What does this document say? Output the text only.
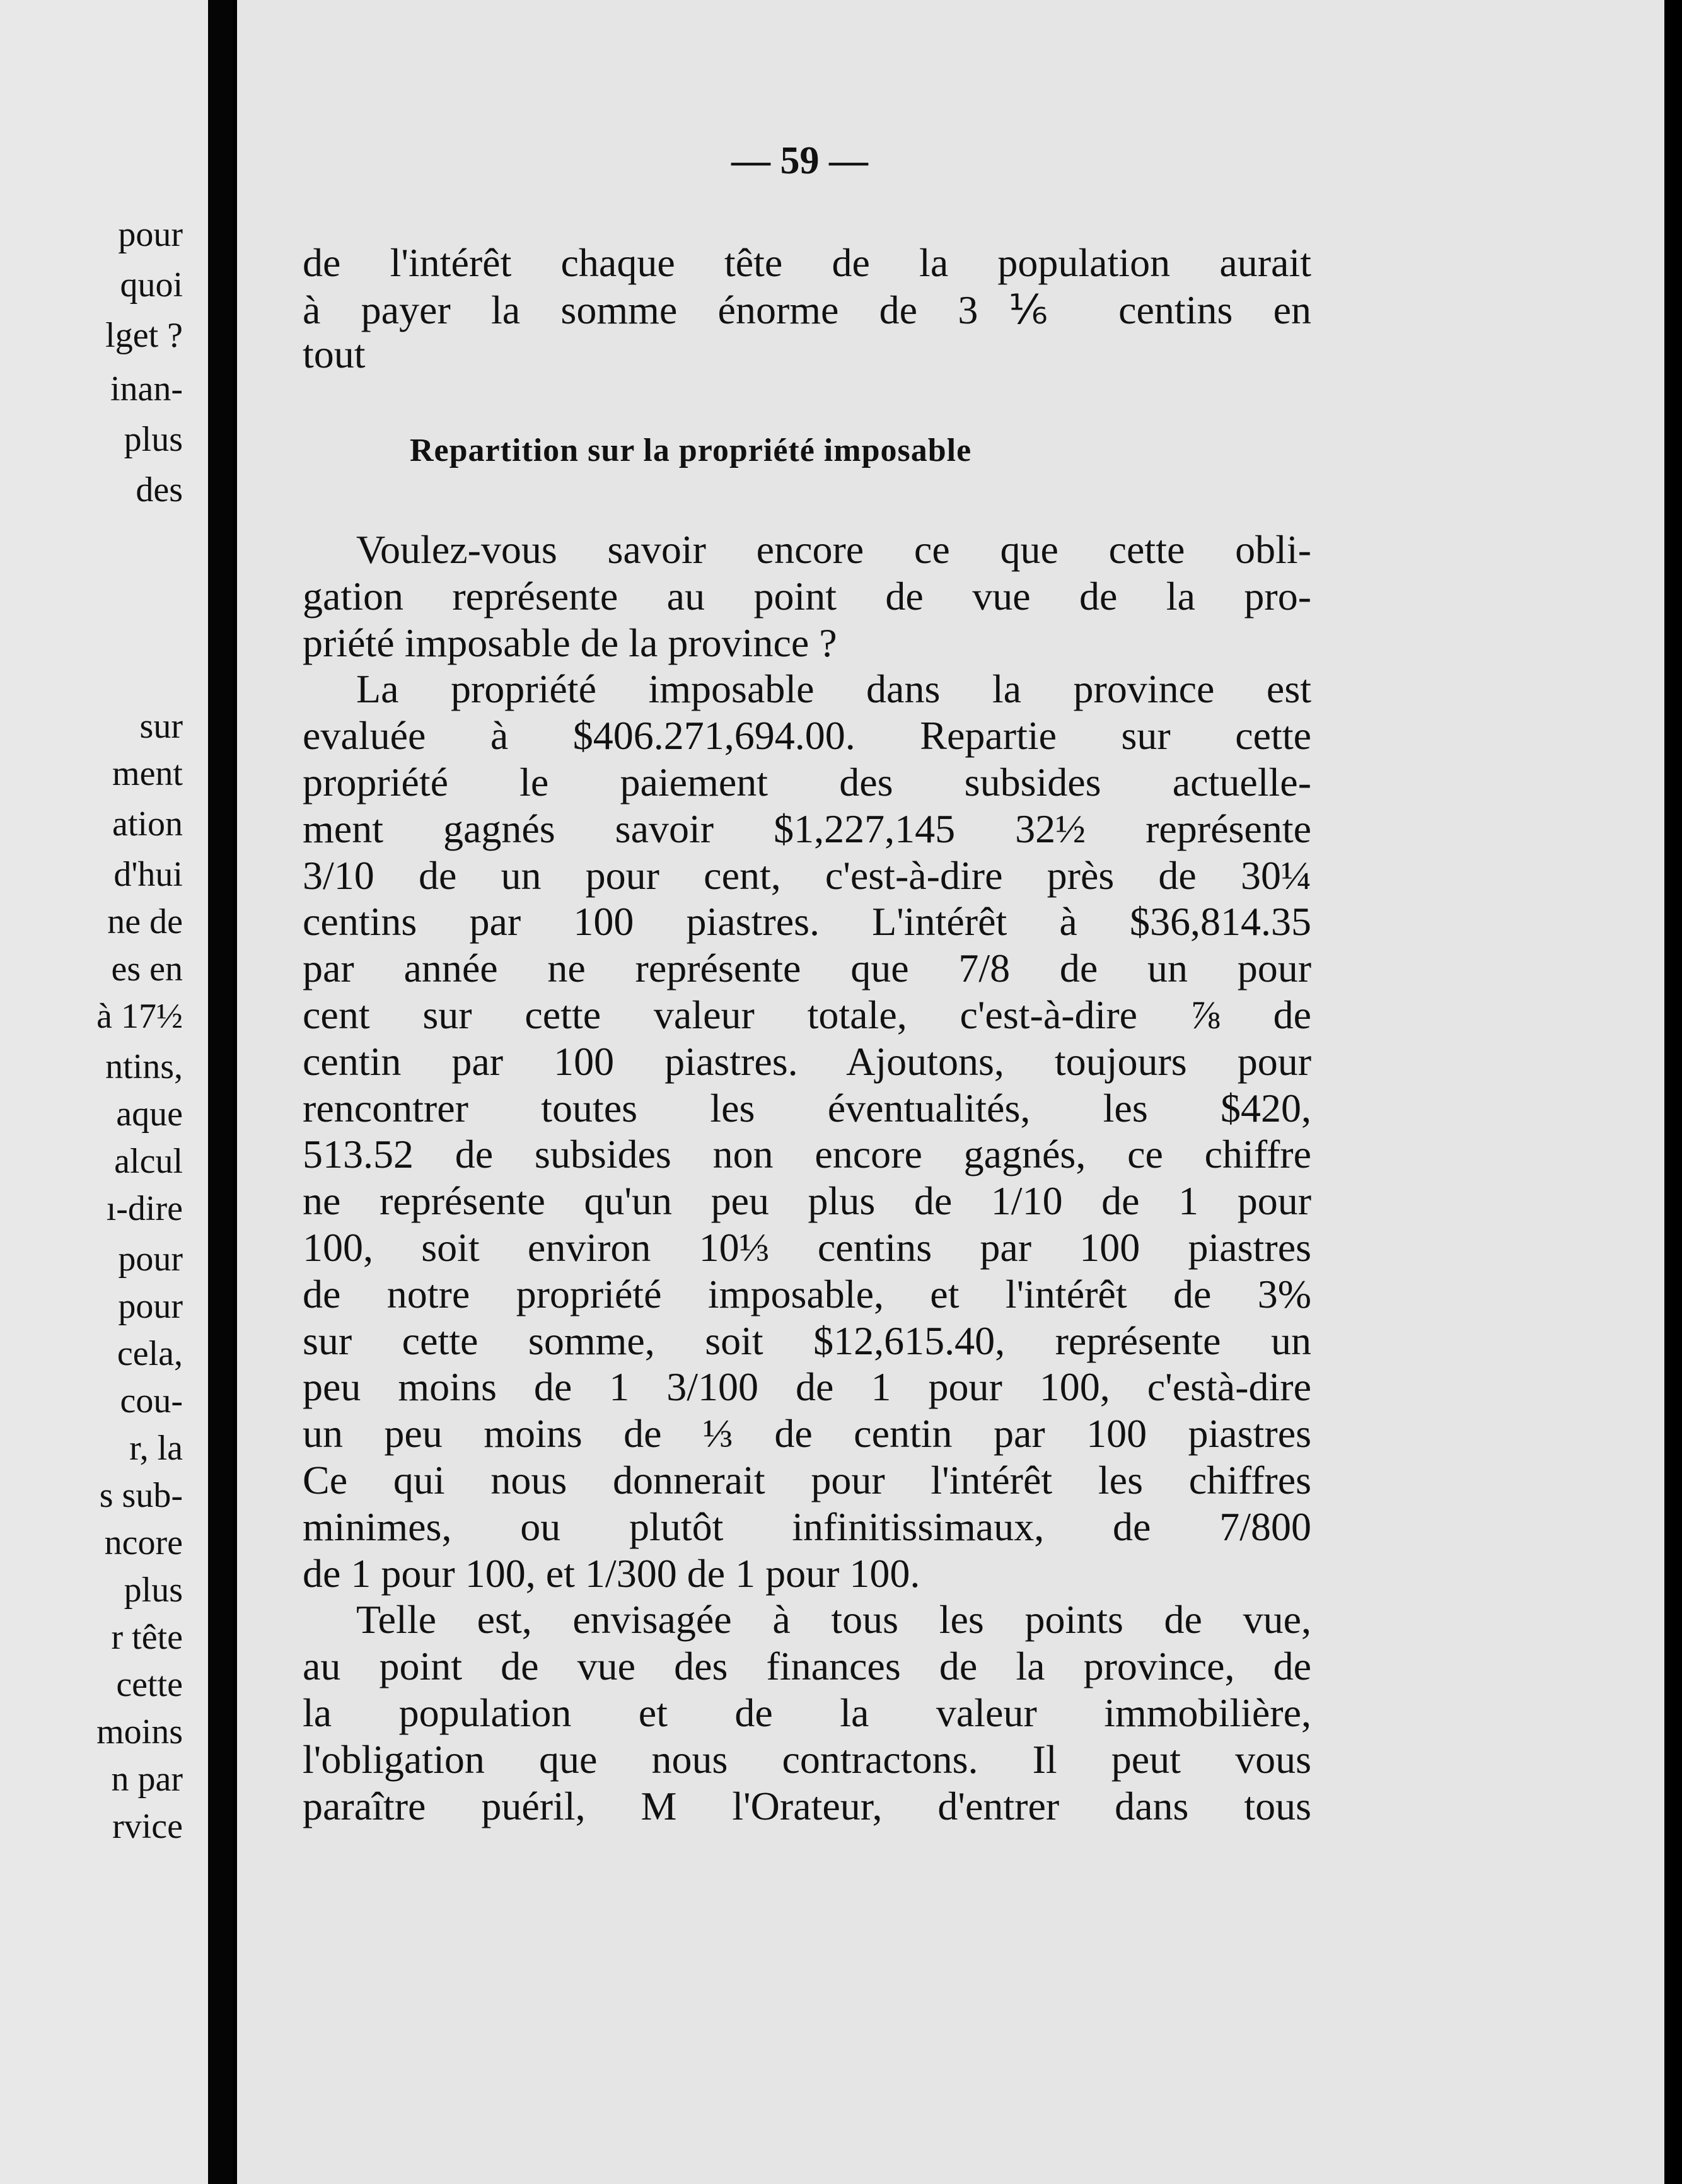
pour

quoi

lget ?

inan-

plus

des

sur

ment

ation

d'hui

ne de

es en

à 17½

ntins,

aque

alcul

ı-dire

pour

pour

cela,

cou-

r, la

s sub-

ncore

plus

r tête

cette

moins

n par

rvice

— 59 —

de l'intérêt chaque tête de la population aurait

à payer la somme énorme de 3⅙ centins en

tout

Voulez-vous savoir encore ce que cette obli-

gation représente au point de vue de la pro-

priété imposable de la province ?

La propriété imposable dans la province est

evaluée à $406.271,694.00. Repartie sur cette

propriété le paiement des subsides actuelle-

ment gagnés savoir $1,227,145 32½ représente

3/10 de un pour cent, c'est-à-dire près de 30¼

centins par 100 piastres. L'intérêt à $36,814.35

par année ne représente que 7/8 de un pour

cent sur cette valeur totale, c'est-à-dire ⅞ de

centin par 100 piastres. Ajoutons, toujours pour

rencontrer toutes les éventualités, les $420,

513.52 de subsides non encore gagnés, ce chiffre

ne représente qu'un peu plus de 1/10 de 1 pour

100, soit environ 10⅓ centins par 100 piastres

de notre propriété imposable, et l'intérêt de 3%

sur cette somme, soit $12,615.40, représente un

peu moins de 1 3/100 de 1 pour 100, c'està-dire

un peu moins de ⅓ de centin par 100 piastres

Ce qui nous donnerait pour l'intérêt les chiffres

minimes, ou plutôt infinitissimaux, de 7/800

de 1 pour 100, et 1/300 de 1 pour 100.

Telle est, envisagée à tous les points de vue,

au point de vue des finances de la province, de

la population et de la valeur immobilière,

l'obligation que nous contractons. Il peut vous

paraître puéril, M l'Orateur, d'entrer dans tous

Repartition sur la propriété imposable
